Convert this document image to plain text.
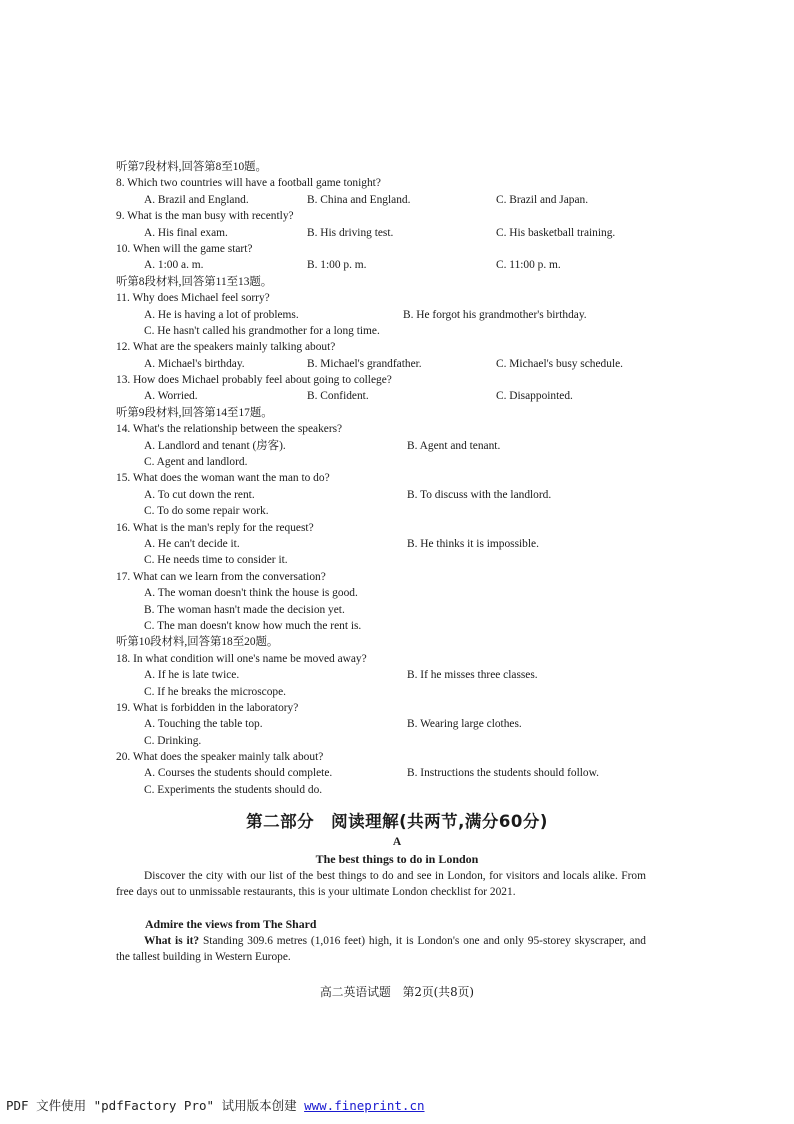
听第7段材料,回答第8至10题。
8. Which two countries will have a football game tonight?
A. Brazil and England.	B. China and England.	C. Brazil and Japan.
9. What is the man busy with recently?
A. His final exam.	B. His driving test.	C. His basketball training.
10. When will the game start?
A. 1:00 a. m.	B. 1:00 p. m.	C. 11:00 p. m.
听第8段材料,回答第11至13题。
11. Why does Michael feel sorry?
A. He is having a lot of problems.	B. He forgot his grandmother's birthday.
C. He hasn't called his grandmother for a long time.
12. What are the speakers mainly talking about?
A. Michael's birthday.	B. Michael's grandfather.	C. Michael's busy schedule.
13. How does Michael probably feel about going to college?
A. Worried.	B. Confident.	C. Disappointed.
听第9段材料,回答第14至17题。
14. What's the relationship between the speakers?
A. Landlord and tenant (房客).	B. Agent and tenant.
C. Agent and landlord.
15. What does the woman want the man to do?
A. To cut down the rent.	B. To discuss with the landlord.
C. To do some repair work.
16. What is the man's reply for the request?
A. He can't decide it.	B. He thinks it is impossible.
C. He needs time to consider it.
17. What can we learn from the conversation?
A. The woman doesn't think the house is good.
B. The woman hasn't made the decision yet.
C. The man doesn't know how much the rent is.
听第10段材料,回答第18至20题。
18. In what condition will one's name be moved away?
A. If he is late twice.	B. If he misses three classes.
C. If he breaks the microscope.
19. What is forbidden in the laboratory?
A. Touching the table top.	B. Wearing large clothes.
C. Drinking.
20. What does the speaker mainly talk about?
A. Courses the students should complete.	B. Instructions the students should follow.
C. Experiments the students should do.
第二部分　阅读理解(共两节,满分60分)
A
The best things to do in London
Discover the city with our list of the best things to do and see in London, for visitors and locals alike. From free days out to unmissable restaurants, this is your ultimate London checklist for 2021.
Admire the views from The Shard
What is it? Standing 309.6 metres (1,016 feet) high, it is London's one and only 95-storey skyscraper, and the tallest building in Western Europe.
高二英语试题　第2页(共8页)
PDF 文件使用 "pdfFactory Pro" 试用版本创建 www.fineprint.cn
